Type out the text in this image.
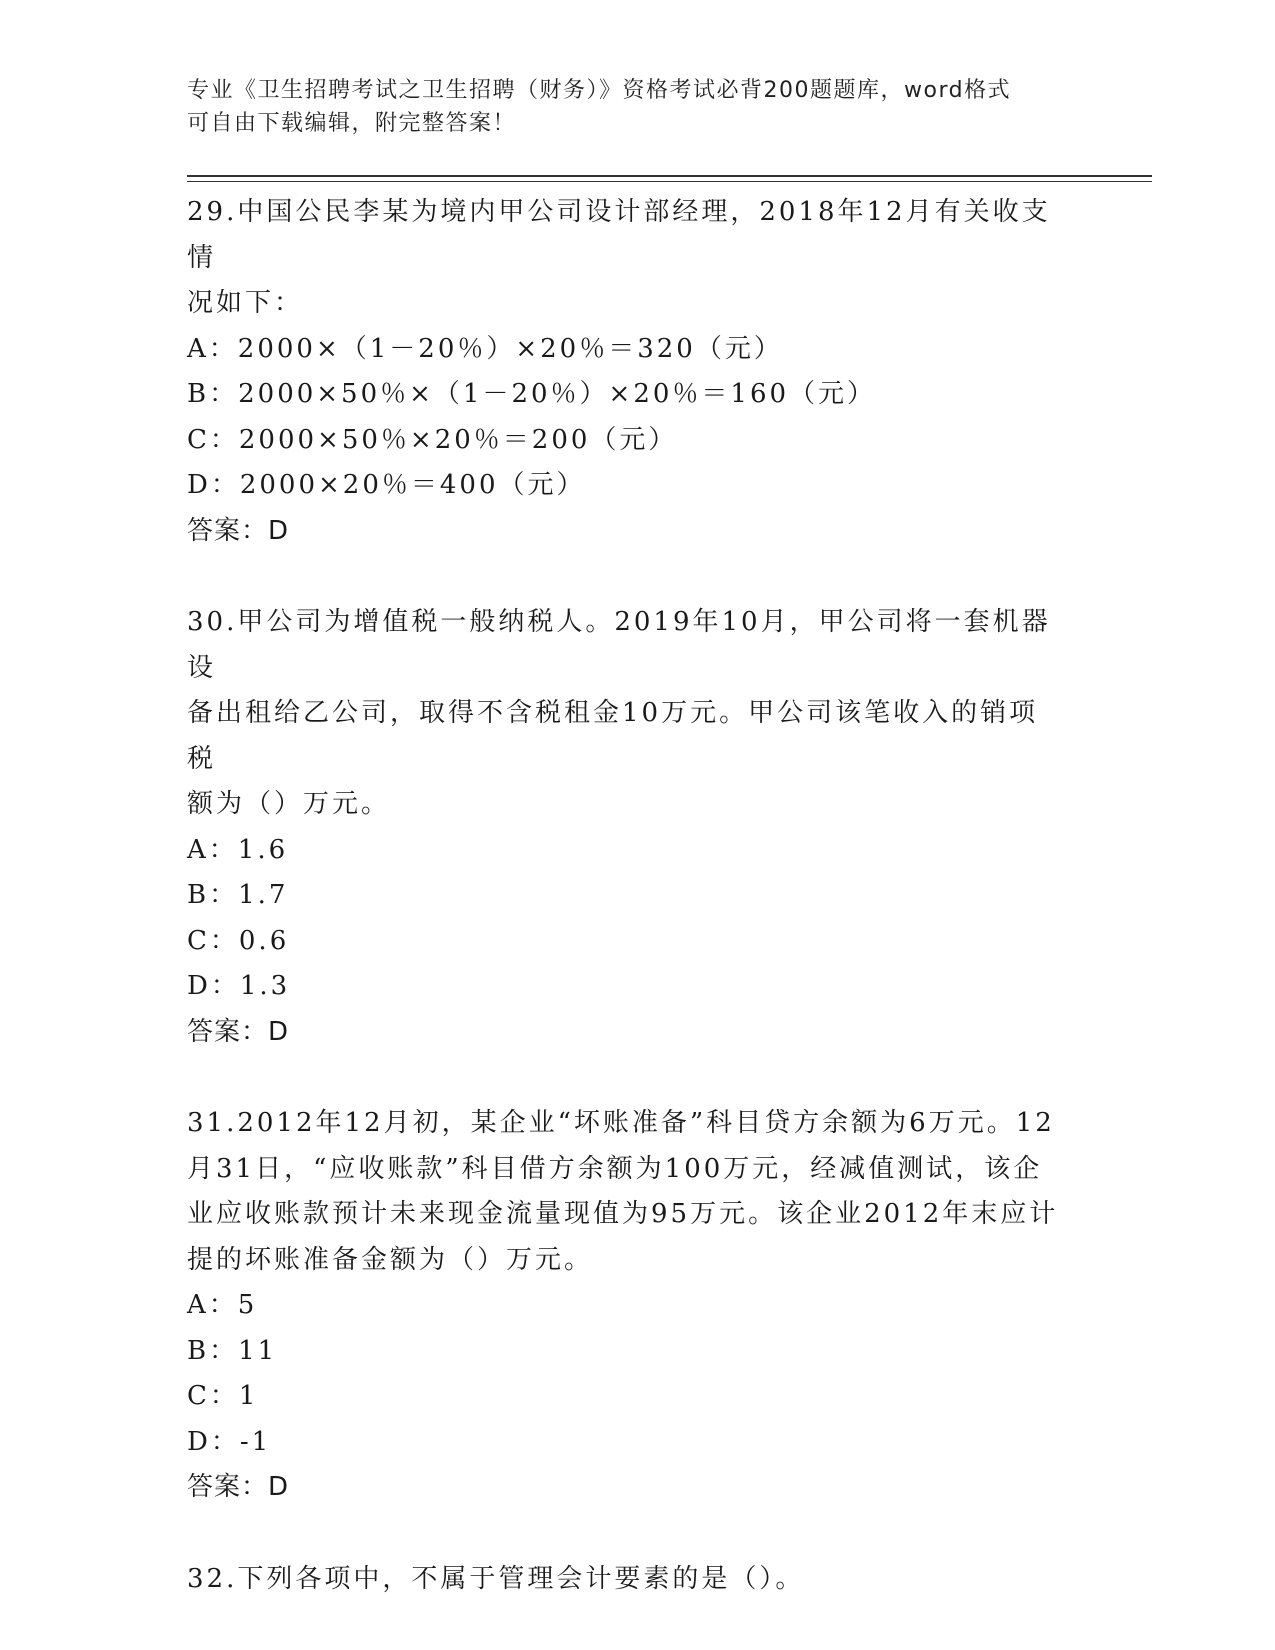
专业《卫生招聘考试之卫生招聘（财务）》资格考试必背200题题库，word格式
可自由下载编辑，附完整答案！
29.中国公民李某为境内甲公司设计部经理，2018年12月有关收支情
况如下：
A：2000×（1－20％）×20％＝320（元）
B：2000×50％×（1－20％）×20％＝160（元）
C：2000×50％×20％＝200（元）
D：2000×20％＝400（元）
答案：D
30.甲公司为增值税一般纳税人。2019年10月，甲公司将一套机器设
备出租给乙公司，取得不含税租金10万元。甲公司该笔收入的销项税
额为（）万元。
A：1.6
B：1.7
C：0.6
D：1.3
答案：D
31.2012年12月初，某企业“坏账准备”科目贷方余额为6万元。12
月31日，“应收账款”科目借方余额为100万元，经减值测试，该企
业应收账款预计未来现金流量现值为95万元。该企业2012年末应计
提的坏账准备金额为（）万元。
A：5
B：11
C：1
D：-1
答案：D
32.下列各项中，不属于管理会计要素的是（）。
